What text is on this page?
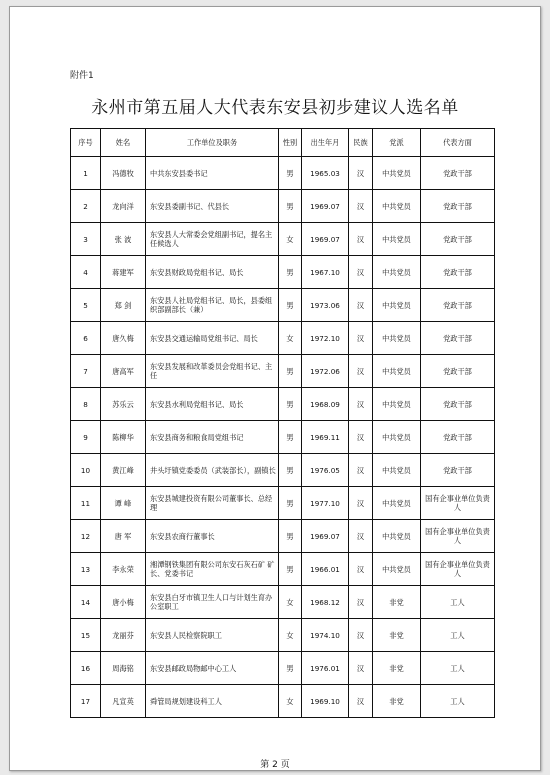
附件1
永州市第五届人大代表东安县初步建议人选名单
序号	姓名	工作单位及职务	性别	出生年月	民族	党派	代表方面
1	冯德牧	中共东安县委书记	男	1965.03	汉	中共党员	党政干部
2	龙向洋	东安县委副书记、代县长	男	1969.07	汉	中共党员	党政干部
3	张 波	东安县人大常委会党组副书记，提名主任候选人	女	1969.07	汉	中共党员	党政干部
4	蒋建军	东安县财政局党组书记、局长	男	1967.10	汉	中共党员	党政干部
5	郑 剑	东安县人社局党组书记、局长，县委组织部副部长（兼）	男	1973.06	汉	中共党员	党政干部
6	唐久梅	东安县交通运输局党组书记、局长	女	1972.10	汉	中共党员	党政干部
7	唐高军	东安县发展和改革委员会党组书记、主任	男	1972.06	汉	中共党员	党政干部
8	苏乐云	东安县水利局党组书记、局长	男	1968.09	汉	中共党员	党政干部
9	陈柳华	东安县商务和粮食局党组书记	男	1969.11	汉	中共党员	党政干部
10	黄江峰	井头圩镇党委委员（武装部长），副镇长	男	1976.05	汉	中共党员	党政干部
11	谭 峰	东安县城建投资有限公司董事长、总经理	男	1977.10	汉	中共党员	国有企事业单位负责人
12	唐 军	东安县农商行董事长	男	1969.07	汉	中共党员	国有企事业单位负责人
13	李永荣	湘潭钢铁集团有限公司东安石灰石矿 矿长、党委书记	男	1966.01	汉	中共党员	国有企事业单位负责人
14	唐小梅	东安县白牙市镇卫生人口与计划生育办公室职工	女	1968.12	汉	非党	工人
15	龙丽芬	东安县人民检察院职工	女	1974.10	汉	非党	工人
16	周海铭	东安县邮政局物邮中心工人	男	1976.01	汉	非党	工人
17	凡宣英	舜管局规划建设科工人	女	1969.10	汉	非党	工人
第 2 页
